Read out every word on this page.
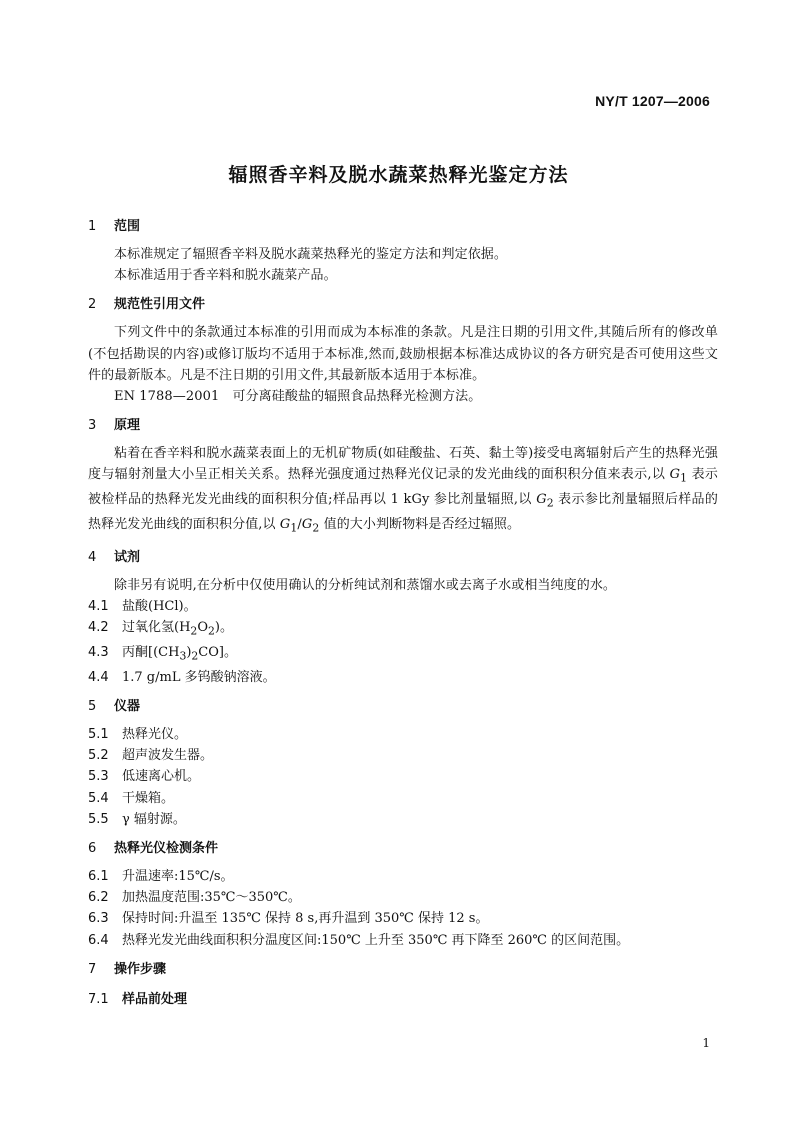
NY/T 1207—2006
辐照香辛料及脱水蔬菜热释光鉴定方法
1 范围

本标准规定了辐照香辛料及脱水蔬菜热释光的鉴定方法和判定依据。

本标准适用于香辛料和脱水蔬菜产品。

2 规范性引用文件

下列文件中的条款通过本标准的引用而成为本标准的条款。凡是注日期的引用文件,其随后所有的修改单(不包括勘误的内容)或修订版均不适用于本标准,然而,鼓励根据本标准达成协议的各方研究是否可使用这些文件的最新版本。凡是不注日期的引用文件,其最新版本适用于本标准。

EN 1788—2001　可分离硅酸盐的辐照食品热释光检测方法。

3 原理

粘着在香辛料和脱水蔬菜表面上的无机矿物质(如硅酸盐、石英、黏土等)接受电离辐射后产生的热释光强度与辐射剂量大小呈正相关关系。热释光强度通过热释光仪记录的发光曲线的面积积分值来表示,以 $G_1$ 表示被检样品的热释光发光曲线的面积积分值;样品再以 1 kGy 参比剂量辐照,以 $G_2$ 表示参比剂量辐照后样品的热释光发光曲线的面积积分值,以 $G_1/G_2$ 值的大小判断物料是否经过辐照。

4 试剂

除非另有说明,在分析中仅使用确认的分析纯试剂和蒸馏水或去离子水或相当纯度的水。

4.1 盐酸(HCl)。

4.2 过氧化氢$(H_2O_2)$。

4.3 丙酮$[(CH_3)_2CO]$。

4.4 1.7 g/mL 多钨酸钠溶液。

5 仪器

5.1 热释光仪。

5.2 超声波发生器。

5.3 低速离心机。

5.4 干燥箱。

5.5 γ 辐射源。

6 热释光仪检测条件

6.1 升温速率:15℃/s。

6.2 加热温度范围:35℃～350℃。

6.3 保持时间:升温至 135℃ 保持 8 s,再升温到 350℃ 保持 12 s。

6.4 热释光发光曲线面积积分温度区间:150℃ 上升至 350℃ 再下降至 260℃ 的区间范围。

7 操作步骤
7.1 样品前处理
1
